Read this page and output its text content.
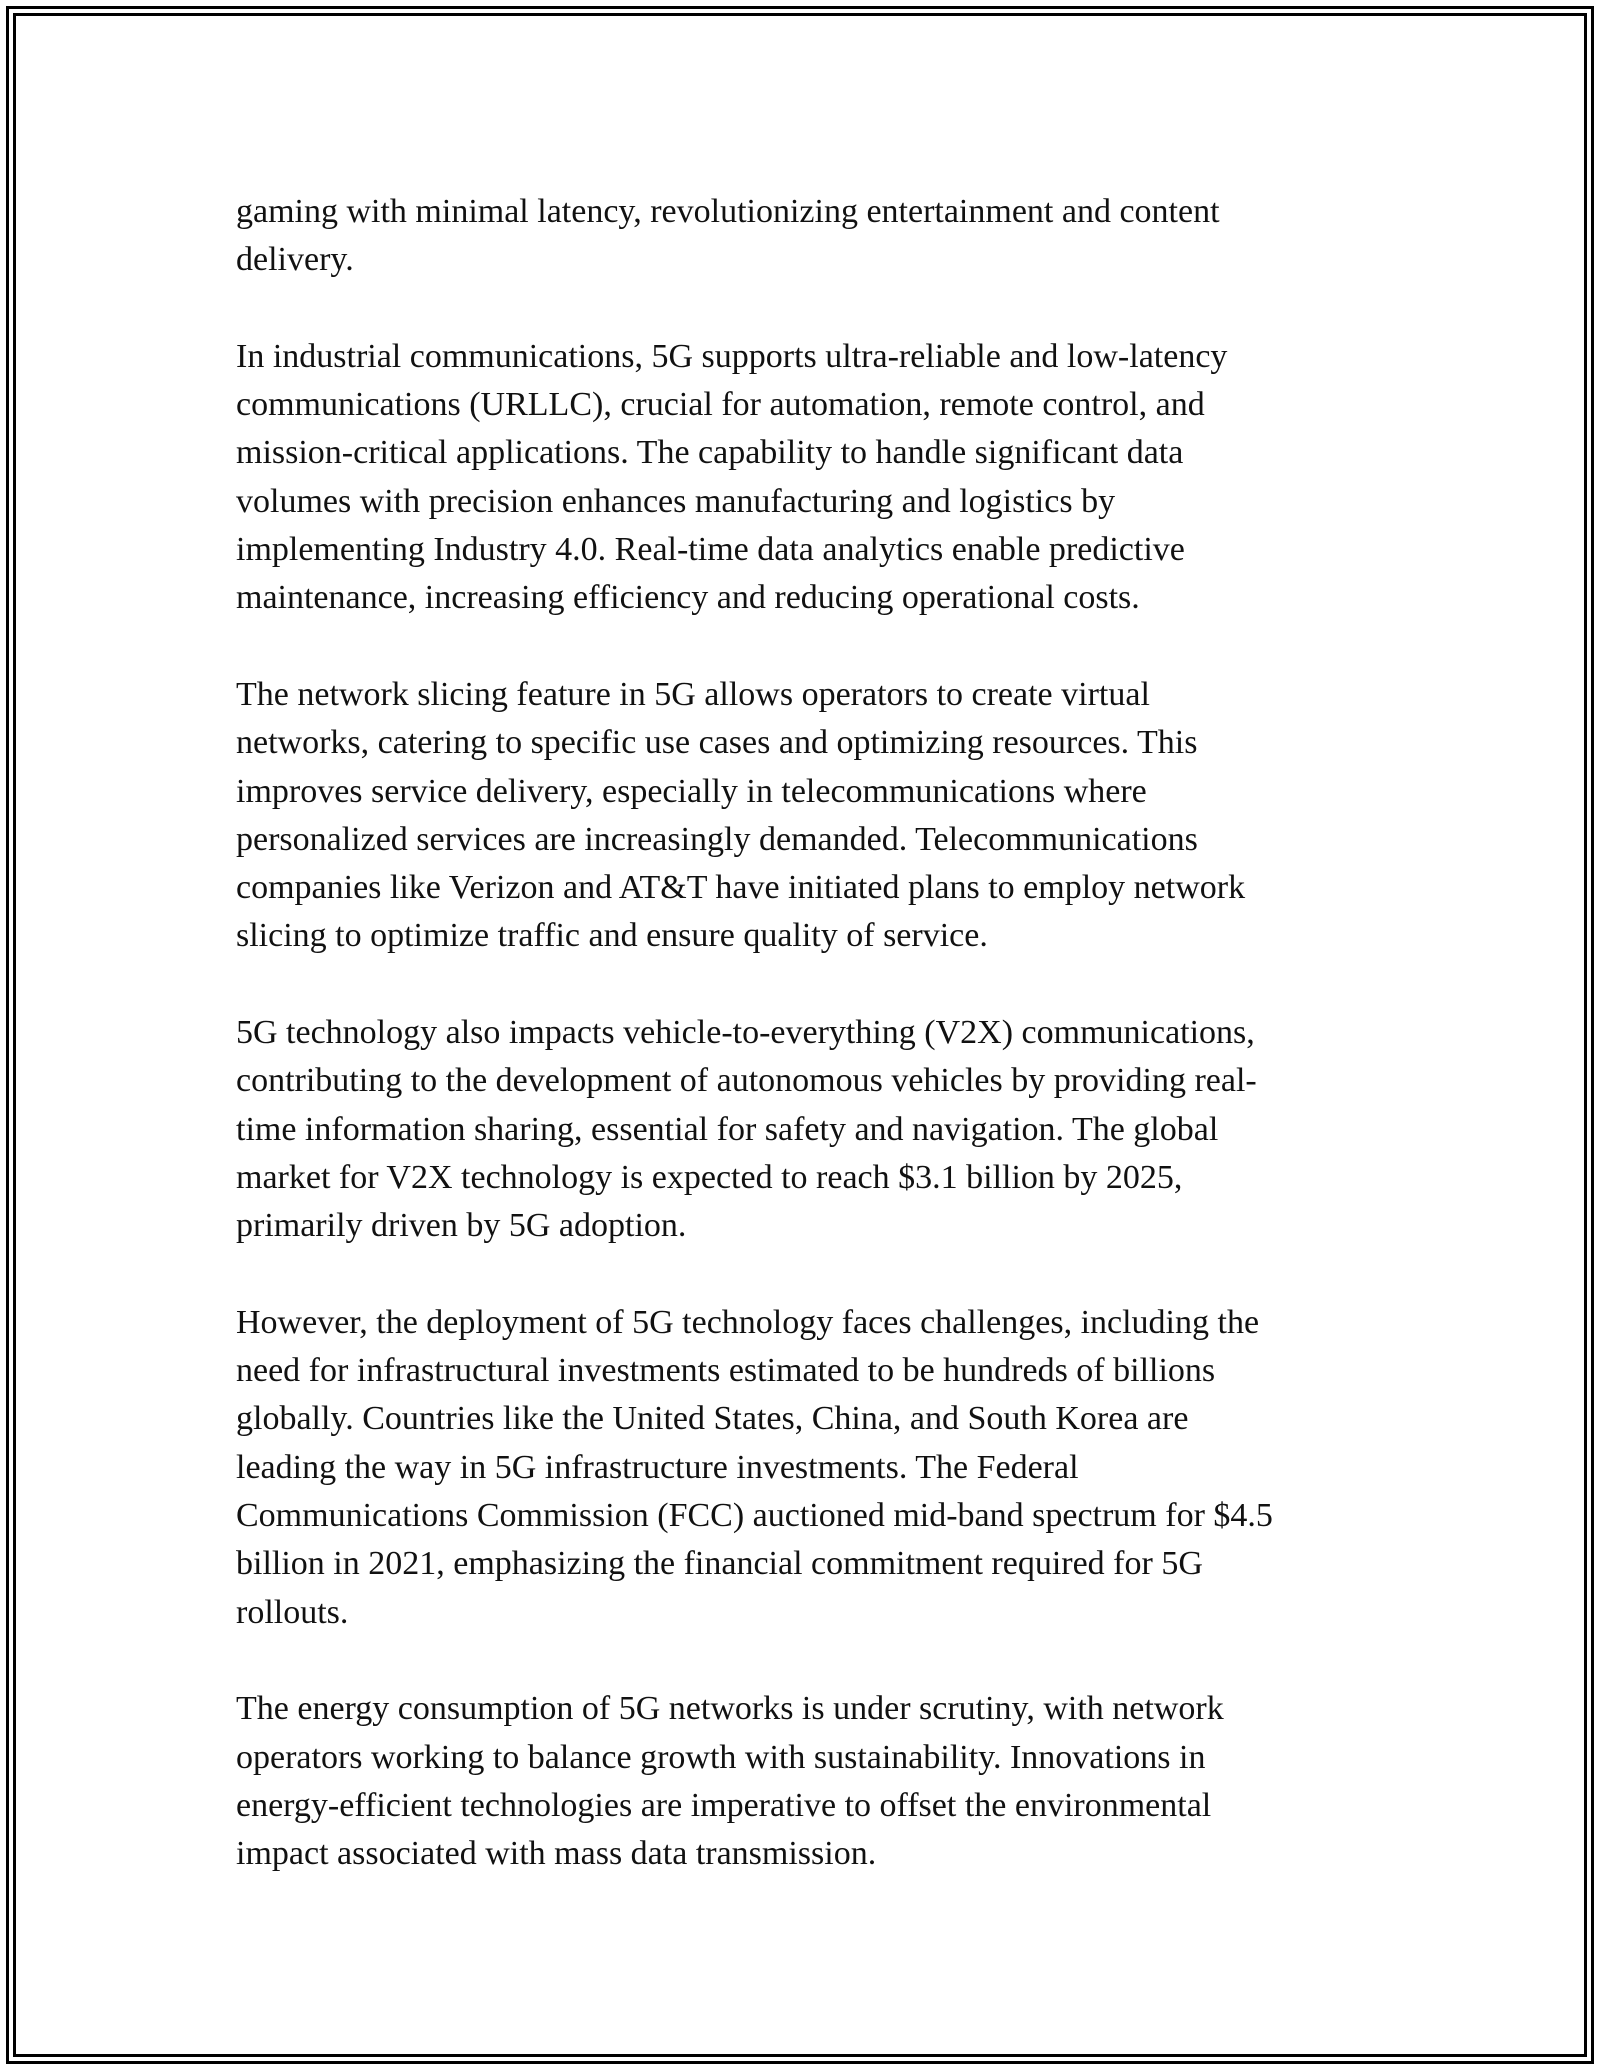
gaming with minimal latency, revolutionizing entertainment and content
delivery.

In industrial communications, 5G supports ultra-reliable and low-latency
communications (URLLC), crucial for automation, remote control, and
mission-critical applications. The capability to handle significant data
volumes with precision enhances manufacturing and logistics by
implementing Industry 4.0. Real-time data analytics enable predictive
maintenance, increasing efficiency and reducing operational costs.

The network slicing feature in 5G allows operators to create virtual
networks, catering to specific use cases and optimizing resources. This
improves service delivery, especially in telecommunications where
personalized services are increasingly demanded. Telecommunications
companies like Verizon and AT&T have initiated plans to employ network
slicing to optimize traffic and ensure quality of service.

5G technology also impacts vehicle-to-everything (V2X) communications,
contributing to the development of autonomous vehicles by providing real-
time information sharing, essential for safety and navigation. The global
market for V2X technology is expected to reach $3.1 billion by 2025,
primarily driven by 5G adoption.

However, the deployment of 5G technology faces challenges, including the
need for infrastructural investments estimated to be hundreds of billions
globally. Countries like the United States, China, and South Korea are
leading the way in 5G infrastructure investments. The Federal
Communications Commission (FCC) auctioned mid-band spectrum for $4.5
billion in 2021, emphasizing the financial commitment required for 5G
rollouts.

The energy consumption of 5G networks is under scrutiny, with network
operators working to balance growth with sustainability. Innovations in
energy-efficient technologies are imperative to offset the environmental
impact associated with mass data transmission.
